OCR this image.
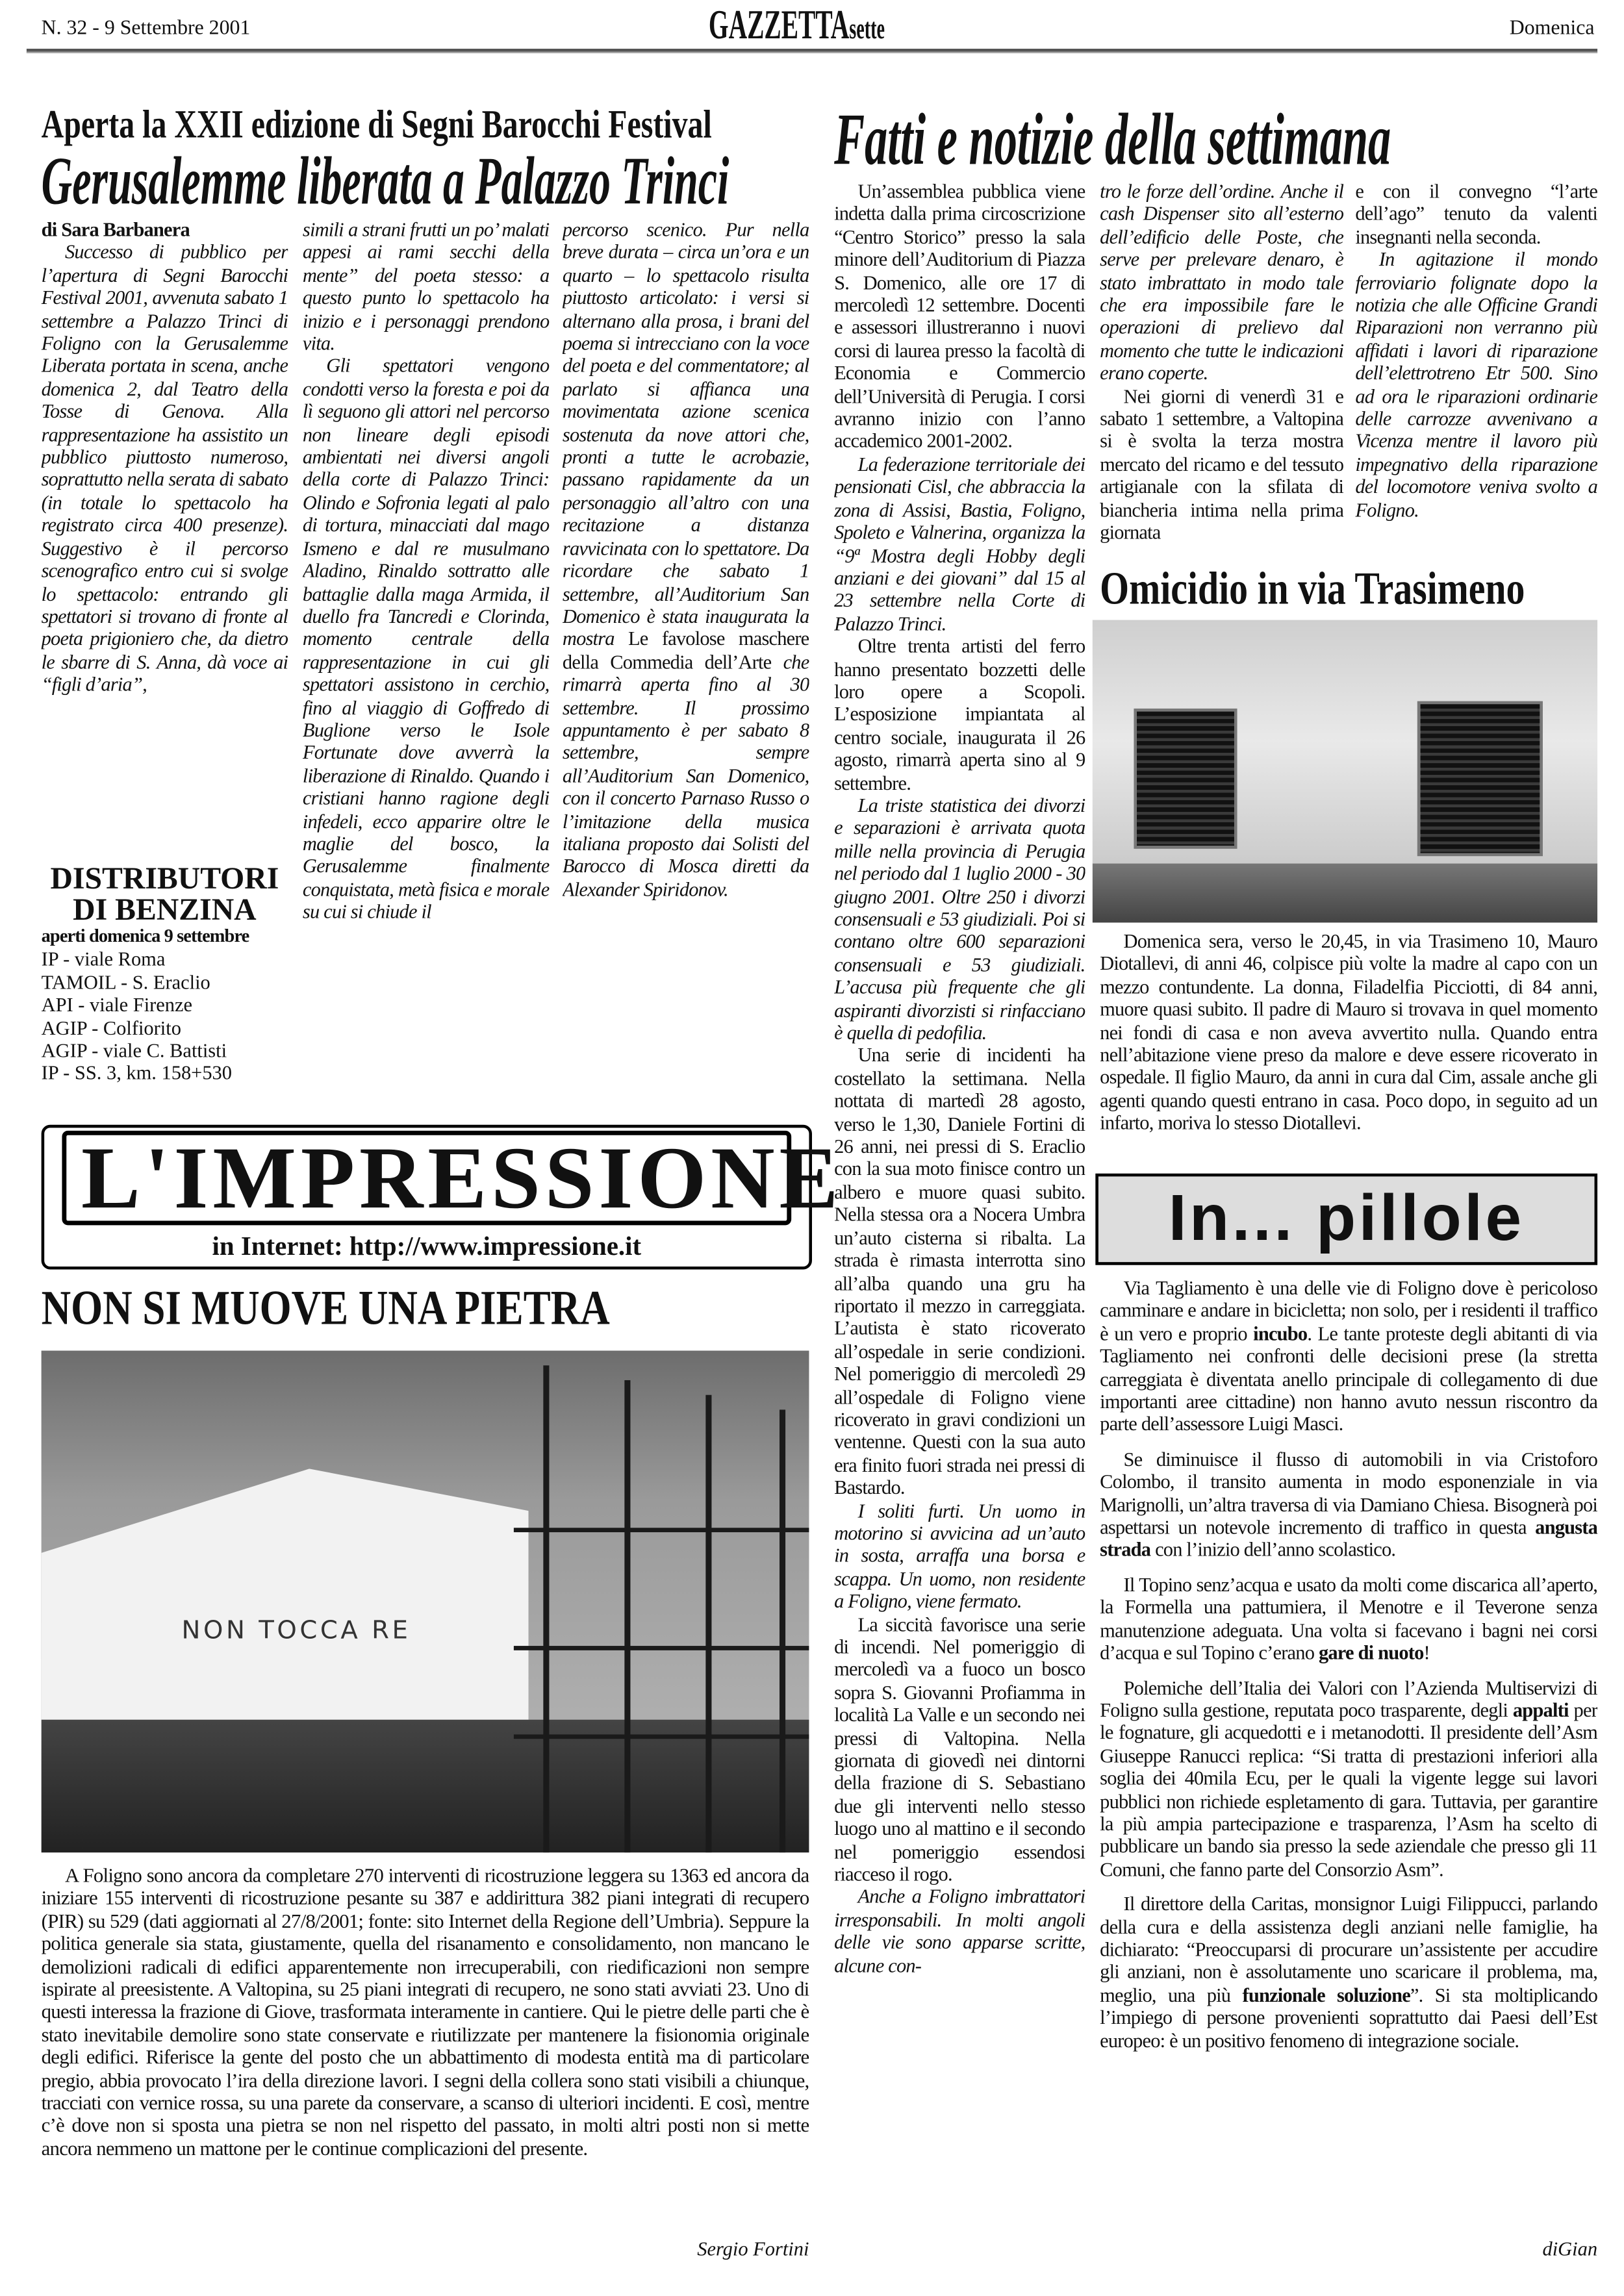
N. 32 - 9 Settembre 2001	GAZZETTAsette	Domenica
Aperta la XXII edizione di Segni Barocchi Festival
Gerusalemme liberata a Palazzo Trinci

di Sara Barbanera

Successo di pubblico per l’apertura di Segni Barocchi Festival 2001, avvenuta sabato 1 settembre a Palazzo Trinci di Foligno con la Gerusalemme Liberata portata in scena, anche domenica 2, dal Teatro della Tosse di Genova. Alla rappresentazione ha assistito un pubblico piuttosto numeroso, soprattutto nella serata di sabato (in totale lo spettacolo ha registrato circa 400 presenze). Suggestivo è il percorso scenografico entro cui si svolge lo spettacolo: entrando gli spettatori si trovano di fronte al poeta prigioniero che, da dietro le sbarre di S. Anna, dà voce ai “figli d’aria”,

simili a strani frutti un po’ malati appesi ai rami secchi della mente” del poeta stesso: a questo punto lo spettacolo ha inizio e i personaggi prendono vita.

Gli spettatori vengono condotti verso la foresta e poi da lì seguono gli attori nel percorso non lineare degli episodi ambientati nei diversi angoli della corte di Palazzo Trinci: Olindo e Sofronia legati al palo di tortura, minacciati dal mago Ismeno e dal re musulmano Aladino, Rinaldo sottratto alle battaglie dalla maga Armida, il duello fra Tancredi e Clorinda, momento centrale della rappresentazione in cui gli spettatori assistono in cerchio, fino al viaggio di Goffredo di Buglione verso le Isole Fortunate dove avverrà la liberazione di Rinaldo. Quando i cristiani hanno ragione degli infedeli, ecco apparire oltre le maglie del bosco, la Gerusalemme finalmente conquistata, metà fisica e morale su cui si chiude il

percorso scenico. Pur nella breve durata – circa un’ora e un quarto – lo spettacolo risulta piuttosto articolato: i versi si alternano alla prosa, i brani del poema si intrecciano con la voce del poeta e del commentatore; al parlato si affianca una movimentata azione scenica sostenuta da nove attori che, pronti a tutte le acrobazie, passano rapidamente da un personaggio all’altro con una recitazione a distanza ravvicinata con lo spettatore. Da ricordare che sabato 1 settembre, all’Auditorium San Domenico è stata inaugurata la mostra Le favolose maschere della Commedia dell’Arte che rimarrà aperta fino al 30 settembre. Il prossimo appuntamento è per sabato 8 settembre, sempre all’Auditorium San Domenico, con il concerto Parnaso Russo o l’imitazione della musica italiana proposto dai Solisti del Barocco di Mosca diretti da Alexander Spiridonov.

DISTRIBUTORI DI BENZINA
aperti domenica 9 settembre
IP - viale Roma
TAMOIL - S. Eraclio
API - viale Firenze
AGIP - Colfiorito
AGIP - viale C. Battisti
IP - SS. 3, km. 158+530
Fatti e notizie della settimana

Un’assemblea pubblica viene indetta dalla prima circoscrizione “Centro Storico” presso la sala minore dell’Auditorium di Piazza S. Domenico, alle ore 17 di mercoledì 12 settembre. Docenti e assessori illustreranno i nuovi corsi di laurea presso la facoltà di Economia e Commercio dell’Università di Perugia. I corsi avranno inizio con l’anno accademico 2001-2002.

La federazione territoriale dei pensionati Cisl, che abbraccia la zona di Assisi, Bastia, Foligno, Spoleto e Valnerina, organizza la “9ª Mostra degli Hobby degli anziani e dei giovani” dal 15 al 23 settembre nella Corte di Palazzo Trinci.

Oltre trenta artisti del ferro hanno presentato bozzetti delle loro opere a Scopoli. L’esposizione impiantata al centro sociale, inaugurata il 26 agosto, rimarrà aperta sino al 9 settembre.

La triste statistica dei divorzi e separazioni è arrivata quota mille nella provincia di Perugia nel periodo dal 1 luglio 2000 - 30 giugno 2001. Oltre 250 i divorzi consensuali e 53 giudiziali. Poi si contano oltre 600 separazioni consensuali e 53 giudiziali. L’accusa più frequente che gli aspiranti divorzisti si rinfacciano è quella di pedofilia.

Una serie di incidenti ha costellato la settimana. Nella nottata di martedì 28 agosto, verso le 1,30, Daniele Fortini di 26 anni, nei pressi di S. Eraclio con la sua moto finisce contro un albero e muore quasi subito. Nella stessa ora a Nocera Umbra un’auto cisterna si ribalta. La strada è rimasta interrotta sino all’alba quando una gru ha riportato il mezzo in carreggiata. L’autista è stato ricoverato all’ospedale in serie condizioni. Nel pomeriggio di mercoledì 29 all’ospedale di Foligno viene ricoverato in gravi condizioni un ventenne. Questi con la sua auto era finito fuori strada nei pressi di Bastardo.

I soliti furti. Un uomo in motorino si avvicina ad un’auto in sosta, arraffa una borsa e scappa. Un uomo, non residente a Foligno, viene fermato.

La siccità favorisce una serie di incendi. Nel pomeriggio di mercoledì va a fuoco un bosco sopra S. Giovanni Profiamma in località La Valle e un secondo nei pressi di Valtopina. Nella giornata di giovedì nei dintorni della frazione di S. Sebastiano due gli interventi nello stesso luogo uno al mattino e il secondo nel pomeriggio essendosi riacceso il rogo.

Anche a Foligno imbrattatori irresponsabili. In molti angoli delle vie sono apparse scritte, alcune con-

tro le forze dell’ordine. Anche il cash Dispenser sito all’esterno dell’edificio delle Poste, che serve per prelevare denaro, è stato imbrattato in modo tale che era impossibile fare le operazioni di prelievo dal momento che tutte le indicazioni erano coperte.

Nei giorni di venerdì 31 e sabato 1 settembre, a Valtopina si è svolta la terza mostra mercato del ricamo e del tessuto artigianale con la sfilata di biancheria intima nella prima giornata

e con il convegno “l’arte dell’ago” tenuto da valenti insegnanti nella seconda.

In agitazione il mondo ferroviario folignate dopo la notizia che alle Officine Grandi Riparazioni non verranno più affidati i lavori di riparazione dell’elettrotreno Etr 500. Sino ad ora le riparazioni ordinarie delle carrozze avvenivano a Vicenza mentre il lavoro più impegnativo della riparazione del locomotore veniva svolto a Foligno.

Omicidio in via Trasimeno

Domenica sera, verso le 20,45, in via Trasimeno 10, Mauro Diotallevi, di anni 46, colpisce più volte la madre al capo con un mezzo contundente. La donna, Filadelfia Picciotti, di 84 anni, muore quasi subito. Il padre di Mauro si trovava in quel momento nei fondi di casa e non aveva avvertito nulla. Quando entra nell’abitazione viene preso da malore e deve essere ricoverato in ospedale. Il figlio Mauro, da anni in cura dal Cim, assale anche gli agenti quando questi entrano in casa. Poco dopo, in seguito ad un infarto, moriva lo stesso Diotallevi.

In... pillole

Via Tagliamento è una delle vie di Foligno dove è pericoloso camminare e andare in bicicletta; non solo, per i residenti il traffico è un vero e proprio incubo. Le tante proteste degli abitanti di via Tagliamento nei confronti delle decisioni prese (la stretta carreggiata è diventata anello principale di collegamento di due importanti aree cittadine) non hanno avuto nessun riscontro da parte dell’assessore Luigi Masci.

Se diminuisce il flusso di automobili in via Cristoforo Colombo, il transito aumenta in modo esponenziale in via Marignolli, un’altra traversa di via Damiano Chiesa. Bisognerà poi aspettarsi un notevole incremento di traffico in questa angusta strada con l’inizio dell’anno scolastico.

Il Topino senz’acqua e usato da molti come discarica all’aperto, la Formella una pattumiera, il Menotre e il Teverone senza manutenzione adeguata. Una volta si facevano i bagni nei corsi d’acqua e sul Topino c’erano gare di nuoto!

Polemiche dell’Italia dei Valori con l’Azienda Multiservizi di Foligno sulla gestione, reputata poco trasparente, degli appalti per le fognature, gli acquedotti e i metanodotti. Il presidente dell’Asm Giuseppe Ranucci replica: “Si tratta di prestazioni inferiori alla soglia dei 40mila Ecu, per le quali la vigente legge sui lavori pubblici non richiede espletamento di gara. Tuttavia, per garantire la più ampia partecipazione e trasparenza, l’Asm ha scelto di pubblicare un bando sia presso la sede aziendale che presso gli 11 Comuni, che fanno parte del Consorzio Asm”.

Il direttore della Caritas, monsignor Luigi Filippucci, parlando della cura e della assistenza degli anziani nelle famiglie, ha dichiarato: “Preoccuparsi di procurare un’assistente per accudire gli anziani, non è assolutamente uno scaricare il problema, ma, meglio, una più funzionale soluzione”. Si sta moltiplicando l’impiego di persone provenienti soprattutto dai Paesi dell’Est europeo: è un positivo fenomeno di integrazione sociale.

diGian
L'IMPRESSIONE
in Internet: http://www.impressione.it
NON SI MUOVE UNA PIETRA
NON TOCCA RE

A Foligno sono ancora da completare 270 interventi di ricostruzione leggera su 1363 ed ancora da iniziare 155 interventi di ricostruzione pesante su 387 e addirittura 382 piani integrati di recupero (PIR) su 529 (dati aggiornati al 27/8/2001; fonte: sito Internet della Regione dell’Umbria). Seppure la politica generale sia stata, giustamente, quella del risanamento e consolidamento, non mancano le demolizioni radicali di edifici apparentemente non irrecuperabili, con riedificazioni non sempre ispirate al preesistente. A Valtopina, su 25 piani integrati di recupero, ne sono stati avviati 23. Uno di questi interessa la frazione di Giove, trasformata interamente in cantiere. Qui le pietre delle parti che è stato inevitabile demolire sono state conservate e riutilizzate per mantenere la fisionomia originale degli edifici. Riferisce la gente del posto che un abbattimento di modesta entità ma di particolare pregio, abbia provocato l’ira della direzione lavori. I segni della collera sono stati visibili a chiunque, tracciati con vernice rossa, su una parete da conservare, a scanso di ulteriori incidenti. E così, mentre c’è dove non si sposta una pietra se non nel rispetto del passato, in molti altri posti non si mette ancora nemmeno un mattone per le continue complicazioni del presente.

Sergio Fortini
